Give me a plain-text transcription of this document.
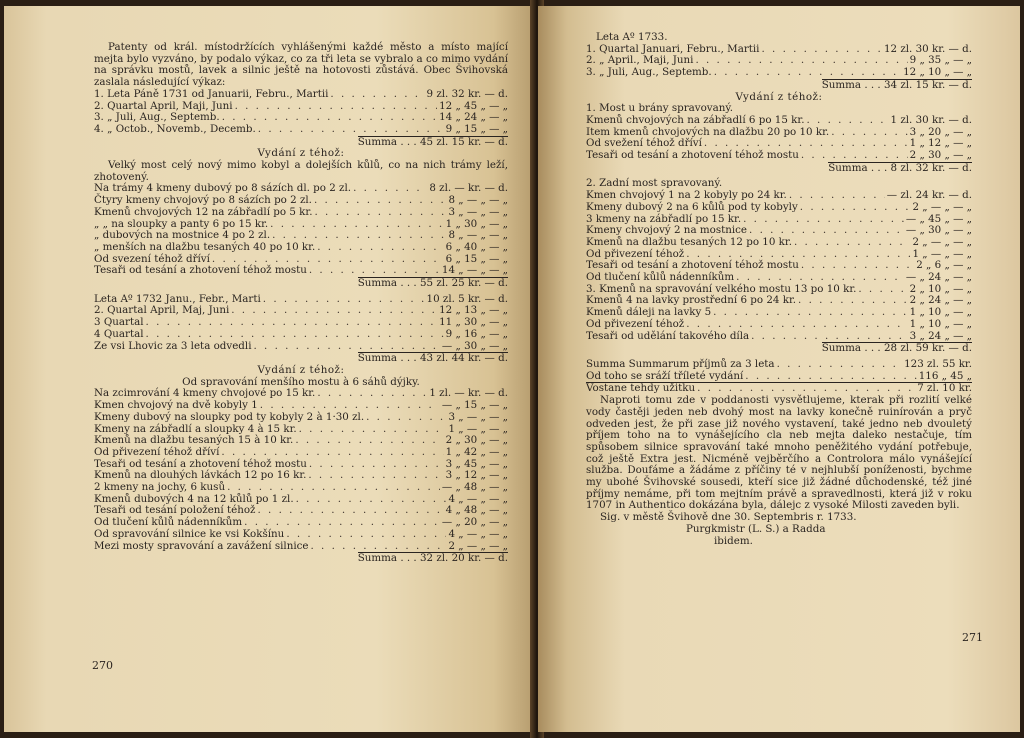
Patenty od král. místodržících vyhlášenými každé město a místo mající mejta bylo vyzváno, by podalo výkaz, co za tři leta se vybralo a co mimo vydání na správku mostů, lavek a silnic ještě na hotovosti zůstává. Obec Švihovská zaslala následující výkaz:

1. Leta Páně 1731 od Januarii, Febru., Martii . . .	9 zl. 32 kr. — d.
2. Quartal April, Maji, Juni . . .	12 „ 45 „ — „
3. „ Juli, Aug., Septemb. . . .	14 „ 24 „ — „
4. „ Octob., Novemb., Decemb. . . .	9 „ 15 „ — „
Summa . . . 45 zl. 15 kr. — d.
Vydání z téhož:

Velký most celý nový mimo kobyl a dolejších kůlů, co na nich trámy leží, zhotovený.

Na trámy 4 kmeny dubový po 8 sázích dl. po 2 zl. . . .	8 zl. — kr. — d.
Čtyry kmeny chvojový po 8 sázích po 2 zl. . . .	8 „ — „ — „
Kmenů chvojových 12 na zábřadlí po 5 kr. . . .	3 „ — „ — „
„ „ na sloupky a panty 6 po 15 kr. . . .	1 „ 30 „ — „
„ dubových na mostnice 4 po 2 zl. . . .	8 „ — „ — „
„ menších na dlažbu tesaných 40 po 10 kr. . . .	6 „ 40 „ — „
Od svezení téhož dříví . . .	6 „ 15 „ — „
Tesaři od tesání a zhotovení téhož mostu . . .	14 „ — „ — „
Summa . . . 55 zl. 25 kr. — d.
Leta Aº 1732 Janu., Febr., Marti . . .	10 zl. 5 kr. — d.
2. Quartal April, Maj, Juni . . .	12 „ 13 „ — „
3 Quartal . . .	11 „ 30 „ — „
4 Quartal . . .	9 „ 16 „ — „
Ze vsi Lhovic za 3 leta odvedli . . .	— „ 30 „ — „
Summa . . . 43 zl. 44 kr. — d.
Vydání z téhož:
Od spravování menšího mostu à 6 sáhů dýjky.
Na zcimrování 4 kmeny chvojové po 15 kr. . . .	1 zl. — kr. — d.
Kmen chvojový na dvě kobyly 1 . . .	— „ 15 „ — „
Kmeny dubový na sloupky pod ty kobyly 2 à 1·30 zl. . . .	3 „ — „ — „
Kmeny na zábřadlí a sloupky 4 à 15 kr. . . .	1 „ — „ — „
Kmenů na dlažbu tesaných 15 à 10 kr. . . .	2 „ 30 „ — „
Od přivezení téhož dříví . . .	1 „ 42 „ — „
Tesaři od tesání a zhotovení téhož mostu . . .	3 „ 45 „ — „
Kmenů na dlouhých lávkách 12 po 16 kr. . . .	3 „ 12 „ — „
2 kmeny na jochy, 6 kusů . . .	— „ 48 „ — „
Kmenů dubových 4 na 12 kůlů po 1 zl. . . .	4 „ — „ — „
Tesaři od tesání položení téhož . . .	4 „ 48 „ — „
Od tlučení kůlů nádenníkům . . .	— „ 20 „ — „
Od spravování silnice ke vsi Kokšínu . . .	4 „ — „ — „
Mezi mosty spravování a zavážení silnice . . .	2 „ — „ — „
Summa . . . 32 zl. 20 kr. — d.
270
Leta Aº 1733.
1. Quartal Januari, Febru., Martii . . .	12 zl. 30 kr. — d.
2. „ April., Maji, Juni . . .	9 „ 35 „ — „
3. „ Juli, Aug., Septemb. . . .	12 „ 10 „ — „
Summa . . . 34 zl. 15 kr. — d.
Vydání z téhož:
1. Most u brány spravovaný.
Kmenů chvojových na zábřadlí 6 po 15 kr. . . .	1 zl. 30 kr. — d.
Item kmenů chvojových na dlažbu 20 po 10 kr. . . .	3 „ 20 „ — „
Od svežení téhož dříví . . .	1 „ 12 „ — „
Tesaři od tesání a zhotovení téhož mostu . . .	2 „ 30 „ — „
Summa . . . 8 zl. 32 kr. — d.
2. Zadní most spravovaný.
Kmen chvojový 1 na 2 kobyly po 24 kr. . . .	— zl. 24 kr. — d.
Kmeny dubový 2 na 6 kůlů pod ty kobyly . . .	2 „ — „ — „
3 kmeny na zábřadlí po 15 kr. . . .	— „ 45 „ — „
Kmeny chvojový 2 na mostnice . . .	— „ 30 „ — „
Kmenů na dlažbu tesaných 12 po 10 kr. . . .	2 „ — „ — „
Od přivezení téhož . . .	1 „ — „ — „
Tesaři od tesání a zhotovení téhož mostu . . .	2 „ 6 „ — „
Od tlučení kůlů nádenníkům . . .	— „ 24 „ — „
3. Kmenů na spravování velkého mostu 13 po 10 kr. . . .	2 „ 10 „ — „
Kmenů 4 na lavky prostřední 6 po 24 kr. . . .	2 „ 24 „ — „
Kmenů dáleji na lavky 5 . . .	1 „ 10 „ — „
Od přivezení téhož . . .	1 „ 10 „ — „
Tesaři od udělání takového díla . . .	3 „ 24 „ — „
Summa . . . 28 zl. 59 kr. — d.
Summa Summarum příjmů za 3 leta . . .	123 zl. 55 kr.
Od toho se sráží tříleté vydání . . .	116 „ 45 „
Vostane tehdy užitku . . .	7 zl. 10 kr.

Naproti tomu zde v poddanosti vysvětlujeme, kterak při rozlití velké vody častěji jeden neb dvohý most na lavky konečně ruinírován a pryč odveden jest, že při zase již nového vystavení, také jedno neb dvouletý příjem toho na to vynášejícího cla neb mejta daleko nestačuje, tím spůsobem silnice spravování také mnoho peněžitého vydání potřebuje, což ještě Extra jest. Nicméně vejběrčího a Controlora málo vynášející služba. Doufáme a žádáme z příčiny té v nejhlubší poníženosti, bychme my ubohé Švihovské sousedi, kteří sice již žádné důchodenské, též jiné příjmy nemáme, při tom mejtním právě a spravedlnosti, která již v roku 1707 in Authentico dokázána byla, dálejc z vysoké Milosti zaveden byli.

Sig. v městě Švihově dne 30. Septembris r. 1733.
Purgkmistr (L. S.) a Radda
ibidem.
271
